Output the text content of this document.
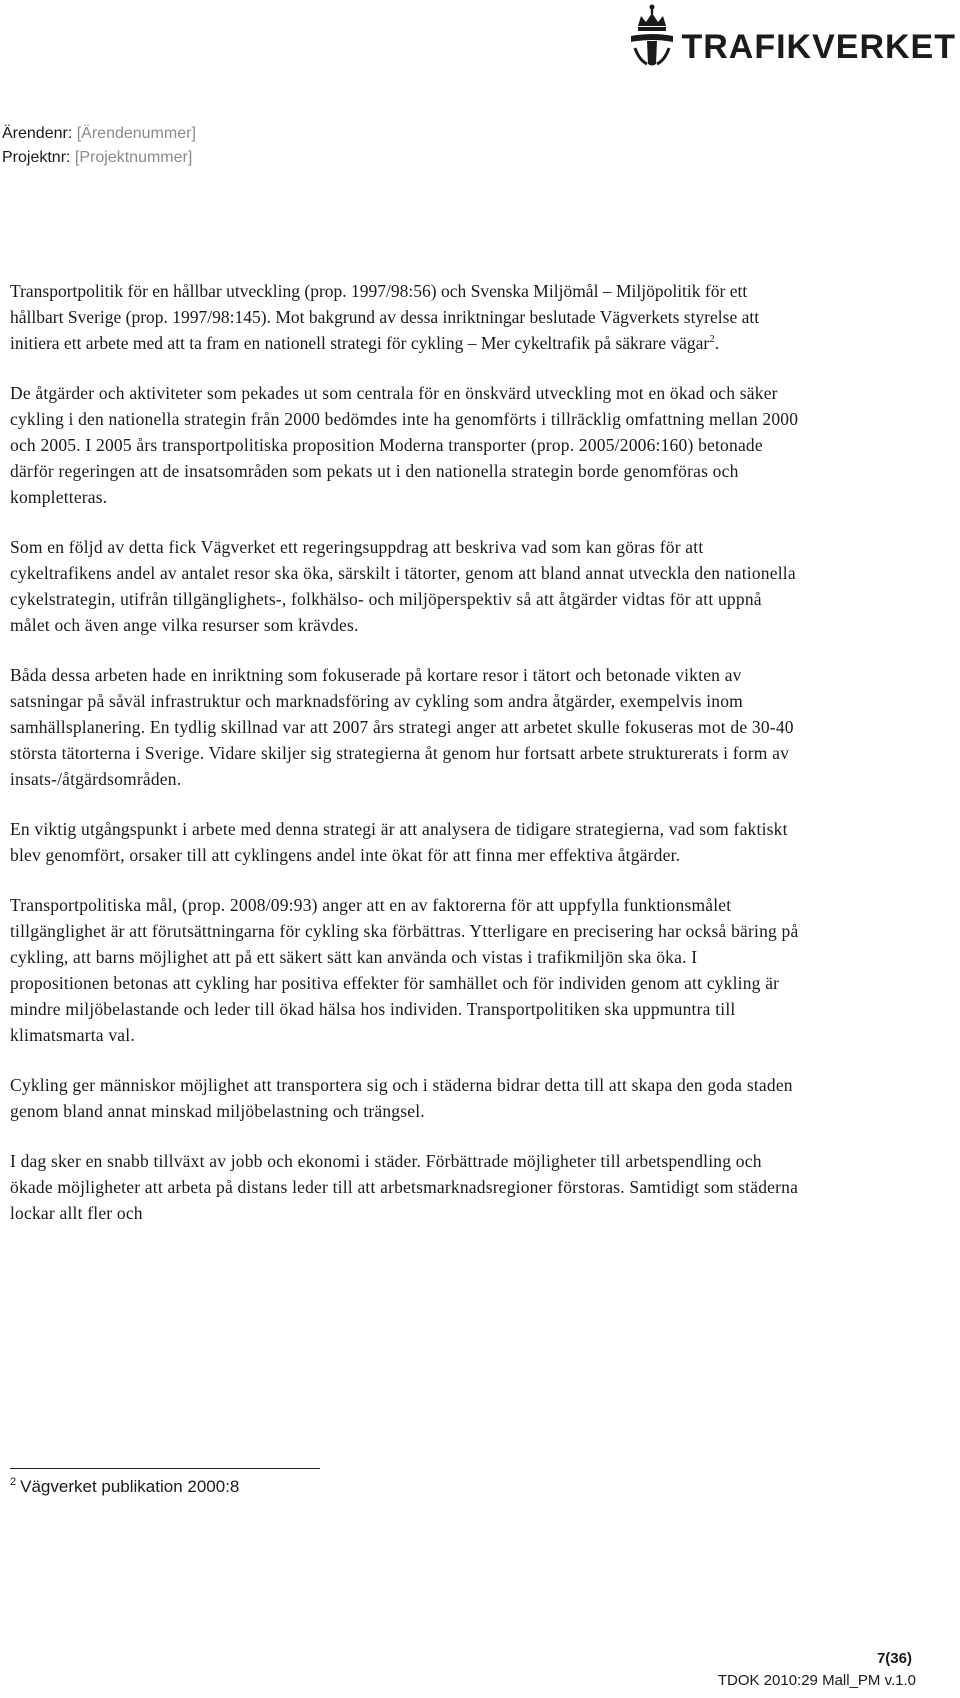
TRAFIKVERKET
Ärendenr: [Ärendenummer]
Projektnr: [Projektnummer]

Transportpolitik för en hållbar utveckling (prop. 1997/98:56) och Svenska Miljömål – Miljöpolitik för ett hållbart Sverige (prop. 1997/98:145). Mot bakgrund av dessa inriktningar beslutade Vägverkets styrelse att initiera ett arbete med att ta fram en nationell strategi för cykling – Mer cykeltrafik på säkrare vägar$^2$.

De åtgärder och aktiviteter som pekades ut som centrala för en önskvärd utveckling mot en ökad och säker cykling i den nationella strategin från 2000 bedömdes inte ha genomförts i tillräcklig omfattning mellan 2000 och 2005. I 2005 års transportpolitiska proposition Moderna transporter (prop. 2005/2006:160) betonade därför regeringen att de insatsområden som pekats ut i den nationella strategin borde genomföras och kompletteras.

Som en följd av detta fick Vägverket ett regeringsuppdrag att beskriva vad som kan göras för att cykeltrafikens andel av antalet resor ska öka, särskilt i tätorter, genom att bland annat utveckla den nationella cykelstrategin, utifrån tillgänglighets-, folkhälso- och miljöperspektiv så att åtgärder vidtas för att uppnå målet och även ange vilka resurser som krävdes.

Båda dessa arbeten hade en inriktning som fokuserade på kortare resor i tätort och betonade vikten av satsningar på såväl infrastruktur och marknadsföring av cykling som andra åtgärder, exempelvis inom samhällsplanering. En tydlig skillnad var att 2007 års strategi anger att arbetet skulle fokuseras mot de 30-40 största tätorterna i Sverige. Vidare skiljer sig strategierna åt genom hur fortsatt arbete strukturerats i form av insats-/åtgärdsområden.

En viktig utgångspunkt i arbete med denna strategi är att analysera de tidigare strategierna, vad som faktiskt blev genomfört, orsaker till att cyklingens andel inte ökat för att finna mer effektiva åtgärder.

Transportpolitiska mål, (prop. 2008/09:93) anger att en av faktorerna för att uppfylla funktionsmålet tillgänglighet är att förutsättningarna för cykling ska förbättras. Ytterligare en precisering har också bäring på cykling, att barns möjlighet att på ett säkert sätt kan använda och vistas i trafikmiljön ska öka. I propositionen betonas att cykling har positiva effekter för samhället och för individen genom att cykling är mindre miljöbelastande och leder till ökad hälsa hos individen. Transportpolitiken ska uppmuntra till klimatsmarta val.

Cykling ger människor möjlighet att transportera sig och i städerna bidrar detta till att skapa den goda staden genom bland annat minskad miljöbelastning och trängsel.

I dag sker en snabb tillväxt av jobb och ekonomi i städer. Förbättrade möjligheter till arbetspendling och ökade möjligheter att arbeta på distans leder till att arbetsmarknadsregioner förstoras. Samtidigt som städerna lockar allt fler och

$^2$ Vägverket publikation 2000:8
7(36)
TDOK 2010:29 Mall_PM v.1.0
